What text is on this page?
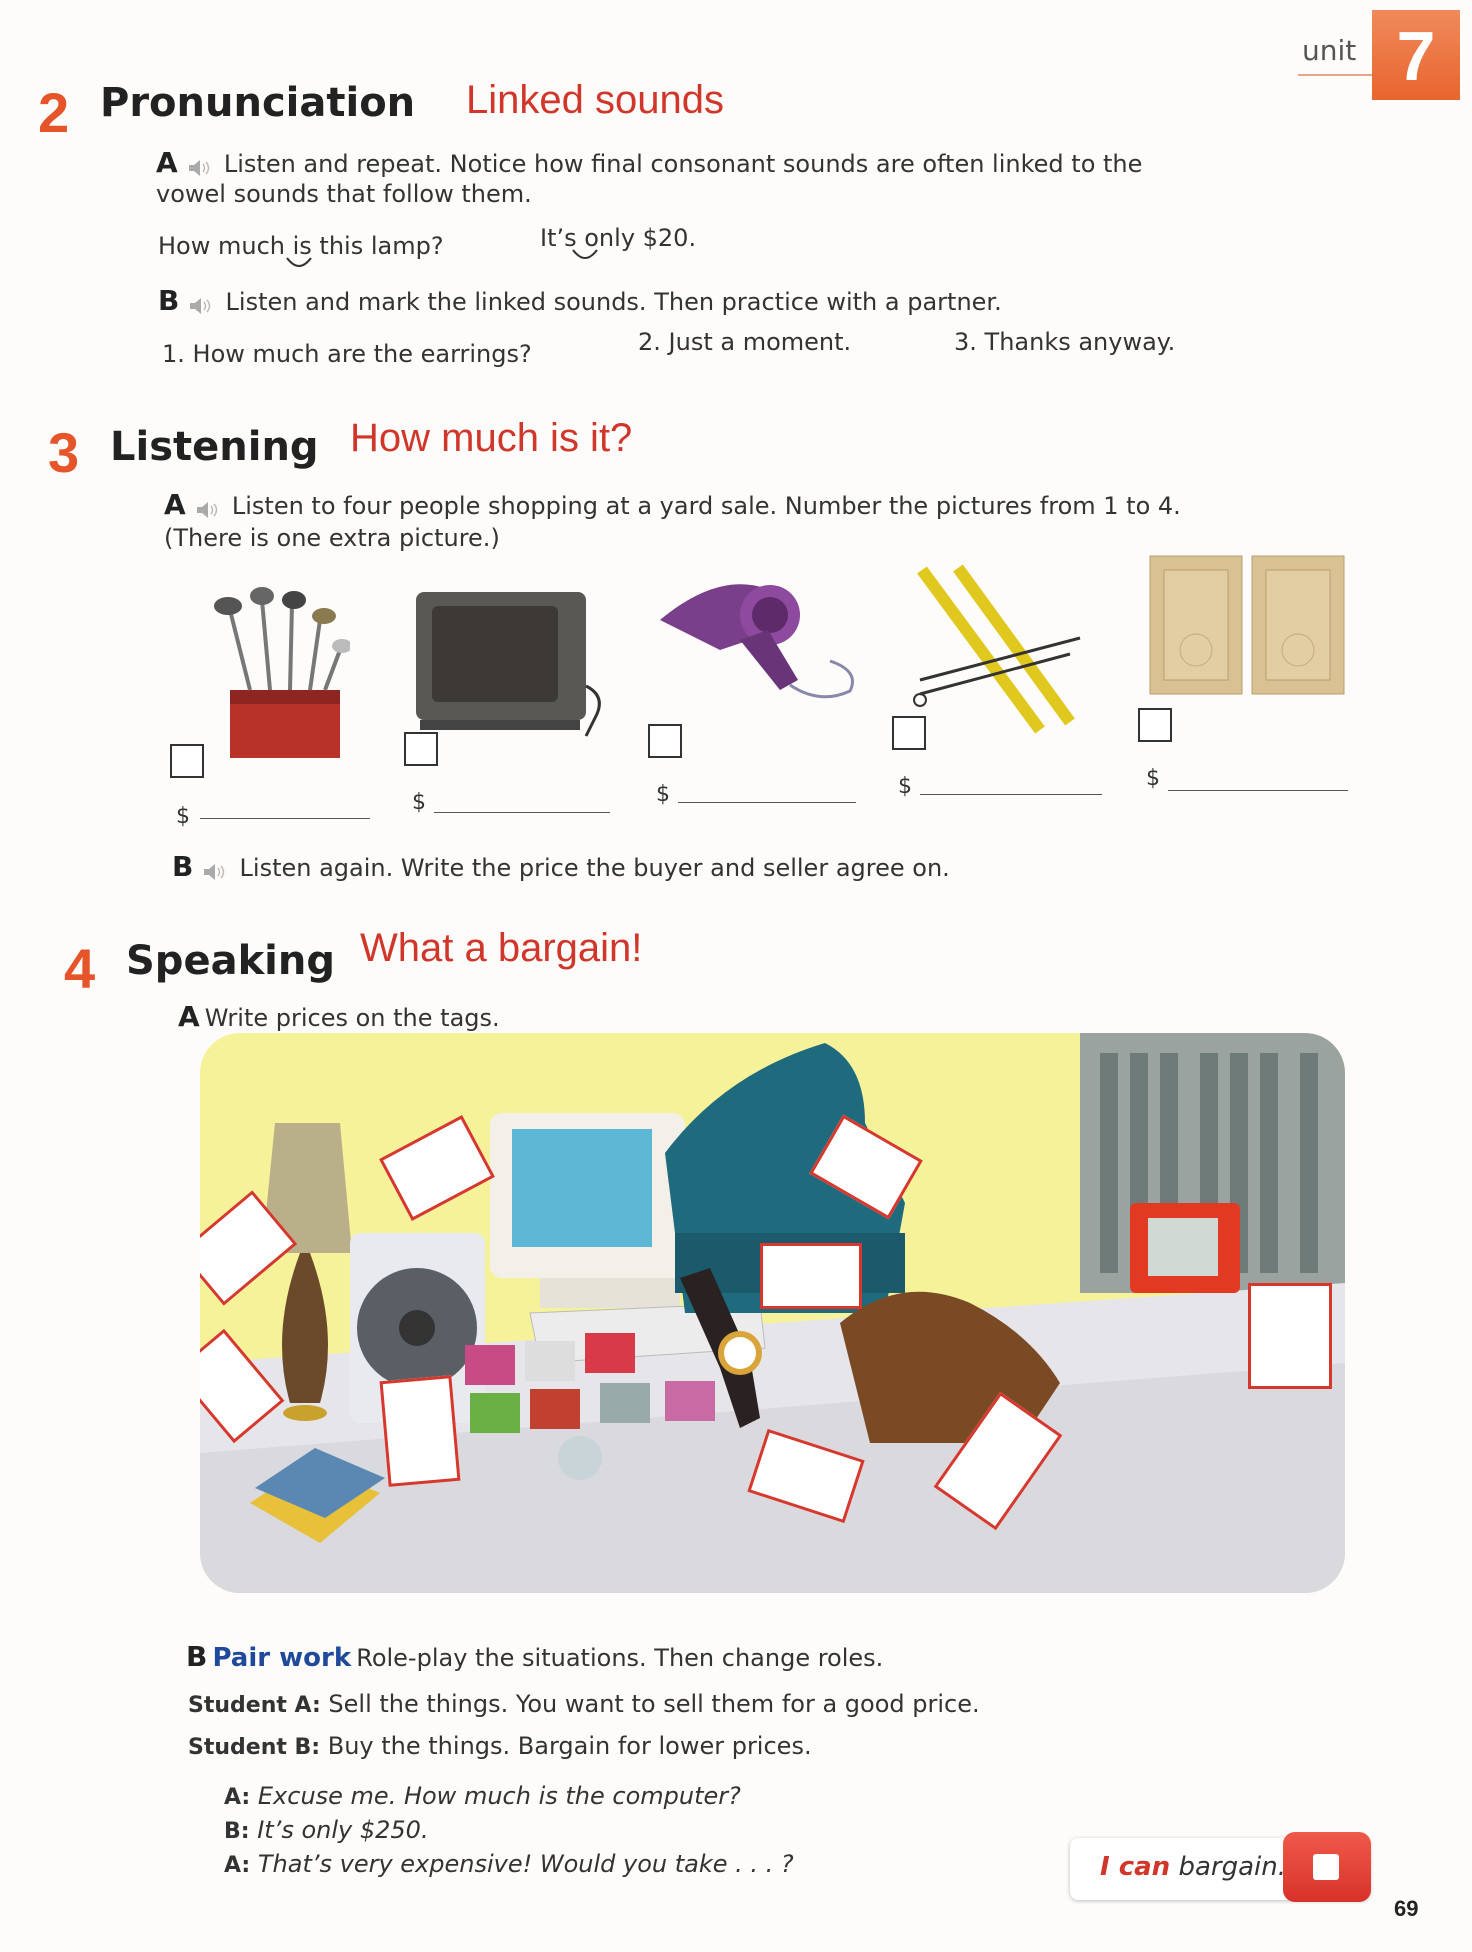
unit 7
2 Pronunciation Linked sounds
A Listen and repeat. Notice how final consonant sounds are often linked to the
vowel sounds that follow them.
How much is this lamp?	It’s only $20.
B Listen and mark the linked sounds. Then practice with a partner.
1. How much are the earrings?	2. Just a moment.	3. Thanks anyway.
3 Listening How much is it?
A Listen to four people shopping at a yard sale. Number the pictures from 1 to 4.
(There is one extra picture.)
$
$	$	$	$
B Listen again. Write the price the buyer and seller agree on.
4 Speaking What a bargain!
A Write prices on the tags.
B Pair work Role-play the situations. Then change roles.
Student A: Sell the things. You want to sell them for a good price.
Student B: Buy the things. Bargain for lower prices.
A: Excuse me. How much is the computer?
B: It’s only $250.
A: That’s very expensive! Would you take . . . ?	I can bargain.
69
